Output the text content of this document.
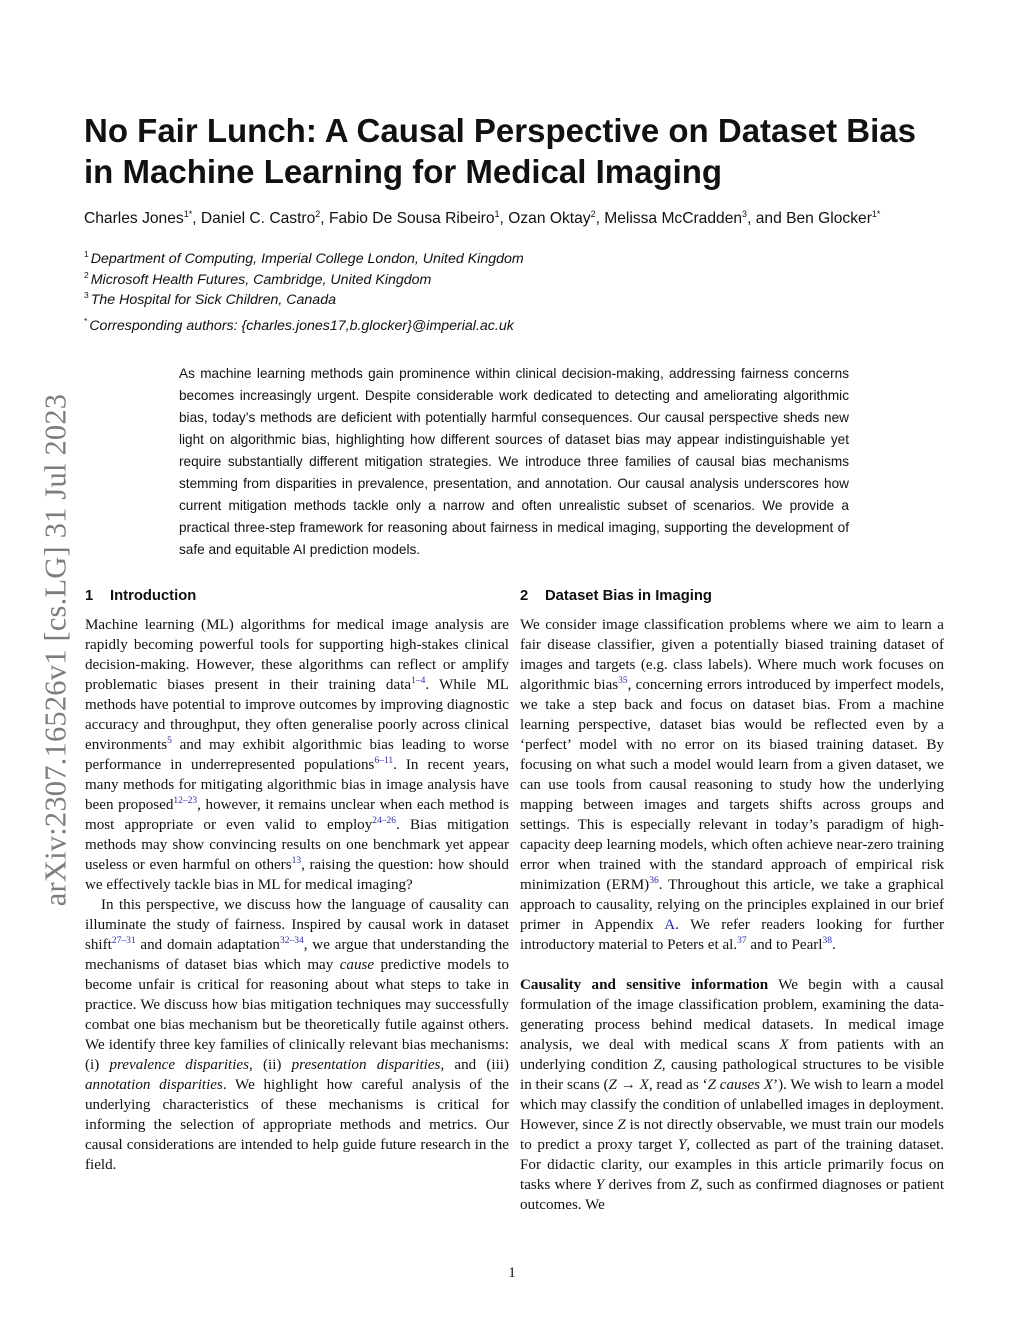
arXiv:2307.16526v1 [cs.LG] 31 Jul 2023
No Fair Lunch: A Causal Perspective on Dataset Bias
in Machine Learning for Medical Imaging
Charles Jones$^{1*}$, Daniel C. Castro$^2$, Fabio De Sousa Ribeiro$^1$, Ozan Oktay$^2$, Melissa McCradden$^3$, and Ben Glocker$^{1*}$
$^1$ Department of Computing, Imperial College London, United Kingdom
$^2$ Microsoft Health Futures, Cambridge, United Kingdom
$^3$ The Hospital for Sick Children, Canada
* Corresponding authors: {charles.jones17,b.glocker}@imperial.ac.uk

As machine learning methods gain prominence within clinical decision-making, addressing fairness concerns becomes increasingly urgent. Despite considerable work dedicated to detecting and ameliorating algorithmic bias, today’s methods are deficient with potentially harmful consequences. Our causal perspective sheds new light on algorithmic bias, highlighting how different sources of dataset bias may appear indistinguishable yet require substantially different mitigation strategies. We introduce three families of causal bias mechanisms stemming from disparities in prevalence, presentation, and annotation. Our causal analysis underscores how current mitigation methods tackle only a narrow and often unrealistic subset of scenarios. We provide a practical three-step framework for reasoning about fairness in medical imaging, supporting the development of safe and equitable AI prediction models.

1 Introduction

Machine learning (ML) algorithms for medical image analysis are rapidly becoming powerful tools for supporting high-stakes clinical decision-making. However, these algorithms can reflect or amplify problematic biases present in their training data$^{1-4}$. While ML methods have potential to improve outcomes by improving diagnostic accuracy and throughput, they often generalise poorly across clinical environments$^5$ and may exhibit algorithmic bias leading to worse performance in underrepresented populations$^{6-11}$. In recent years, many methods for mitigating algorithmic bias in image analysis have been proposed$^{12-23}$, however, it remains unclear when each method is most appropriate or even valid to employ$^{24-26}$. Bias mitigation methods may show convincing results on one benchmark yet appear useless or even harmful on others$^{13}$, raising the question: how should we effectively tackle bias in ML for medical imaging?

In this perspective, we discuss how the language of causality can illuminate the study of fairness. Inspired by causal work in dataset shift$^{27-31}$ and domain adaptation$^{32-34}$, we argue that understanding the mechanisms of dataset bias which may cause predictive models to become unfair is critical for reasoning about what steps to take in practice. We discuss how bias mitigation techniques may successfully combat one bias mechanism but be theoretically futile against others. We identify three key families of clinically relevant bias mechanisms: (i) prevalence disparities, (ii) presentation disparities, and (iii) annotation disparities. We highlight how careful analysis of the underlying characteristics of these mechanisms is critical for informing the selection of appropriate methods and metrics. Our causal considerations are intended to help guide future research in the field.

2 Dataset Bias in Imaging

We consider image classification problems where we aim to learn a fair disease classifier, given a potentially biased training dataset of images and targets (e.g. class labels). Where much work focuses on algorithmic bias$^{35}$, concerning errors introduced by imperfect models, we take a step back and focus on dataset bias. From a machine learning perspective, dataset bias would be reflected even by a ‘perfect’ model with no error on its biased training dataset. By focusing on what such a model would learn from a given dataset, we can use tools from causal reasoning to study how the underlying mapping between images and targets shifts across groups and settings. This is especially relevant in today’s paradigm of high-capacity deep learning models, which often achieve near-zero training error when trained with the standard approach of empirical risk minimization (ERM)$^{36}$. Throughout this article, we take a graphical approach to causality, relying on the principles explained in our brief primer in Appendix A. We refer readers looking for further introductory material to Peters et al.$^{37}$ and to Pearl$^{38}$.

Causality and sensitive information We begin with a causal formulation of the image classification problem, examining the data-generating process behind medical datasets. In medical image analysis, we deal with medical scans X from patients with an underlying condition Z, causing pathological structures to be visible in their scans (Z → X, read as ‘Z causes X’). We wish to learn a model which may classify the condition of unlabelled images in deployment. However, since Z is not directly observable, we must train our models to predict a proxy target Y, collected as part of the training dataset. For didactic clarity, our examples in this article primarily focus on tasks where Y derives from Z, such as confirmed diagnoses or patient outcomes. We

1
